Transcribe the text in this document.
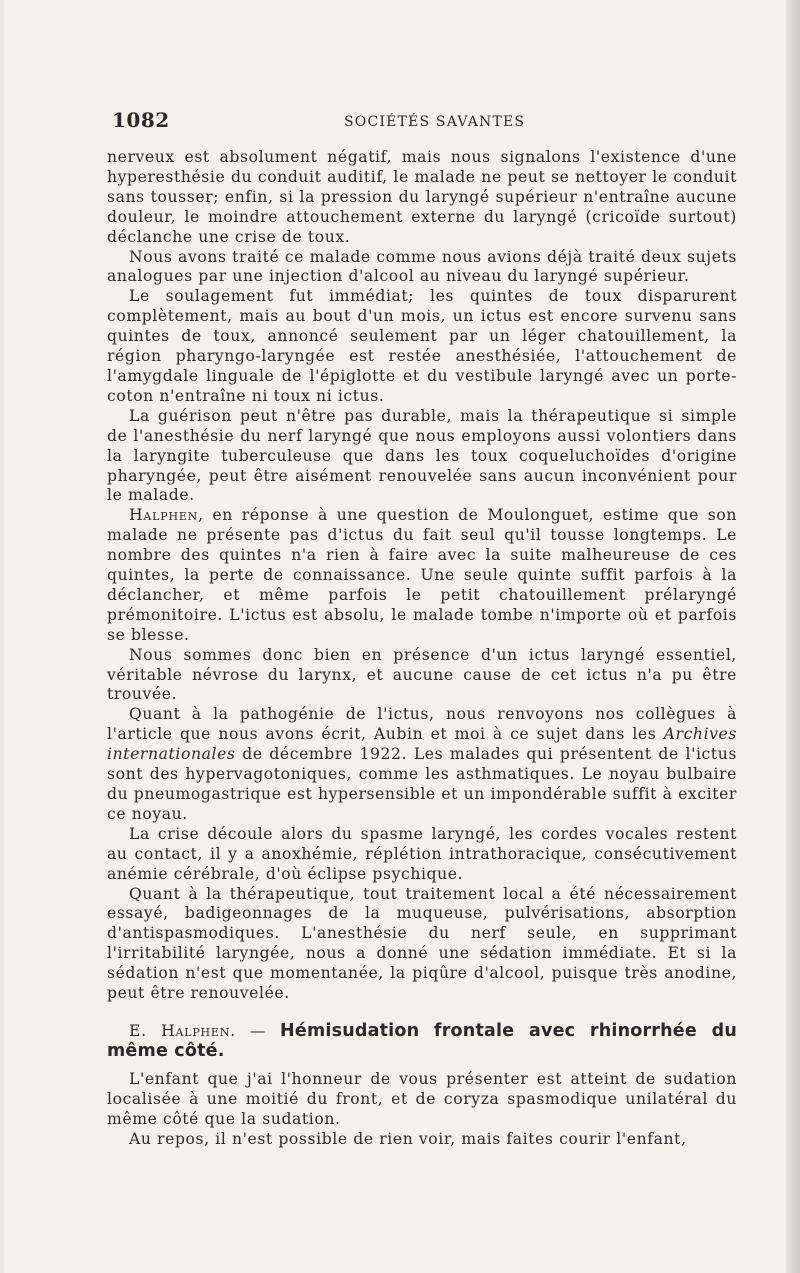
1082	SOCIÉTÉS SAVANTES

nerveux est absolument négatif, mais nous signalons l'existence d'une hyperesthésie du conduit auditif, le malade ne peut se nettoyer le conduit sans tousser; enfin, si la pression du laryngé supérieur n'entraîne aucune douleur, le moindre attouchement externe du laryngé (cricoïde surtout) déclanche une crise de toux.

Nous avons traité ce malade comme nous avions déjà traité deux sujets analogues par une injection d'alcool au niveau du laryngé supérieur.

Le soulagement fut immédiat; les quintes de toux disparurent complètement, mais au bout d'un mois, un ictus est encore survenu sans quintes de toux, annoncé seulement par un léger chatouillement, la région pharyngo-laryngée est restée anesthésiée, l'attouchement de l'amygdale linguale de l'épiglotte et du vestibule laryngé avec un porte-coton n'entraîne ni toux ni ictus.

La guérison peut n'être pas durable, mais la thérapeutique si simple de l'anesthésie du nerf laryngé que nous employons aussi volontiers dans la laryngite tuberculeuse que dans les toux coqueluchoïdes d'origine pharyngée, peut être aisément renouvelée sans aucun inconvénient pour le malade.

Halphen, en réponse à une question de Moulonguet, estime que son malade ne présente pas d'ictus du fait seul qu'il tousse longtemps. Le nombre des quintes n'a rien à faire avec la suite malheureuse de ces quintes, la perte de connaissance. Une seule quinte suffit parfois à la déclancher, et même parfois le petit chatouillement prélaryngé prémonitoire. L'ictus est absolu, le malade tombe n'importe où et parfois se blesse.

Nous sommes donc bien en présence d'un ictus laryngé essentiel, véritable névrose du larynx, et aucune cause de cet ictus n'a pu être trouvée.

Quant à la pathogénie de l'ictus, nous renvoyons nos collègues à l'article que nous avons écrit, Aubin et moi à ce sujet dans les Archives internationales de décembre 1922. Les malades qui présentent de l'ictus sont des hypervagotoniques, comme les asthmatiques. Le noyau bulbaire du pneumogastrique est hypersensible et un impondérable suffit à exciter ce noyau.

La crise découle alors du spasme laryngé, les cordes vocales restent au contact, il y a anoxhémie, réplétion intrathoracique, consécutivement anémie cérébrale, d'où éclipse psychique.

Quant à la thérapeutique, tout traitement local a été nécessairement essayé, badigeonnages de la muqueuse, pulvérisations, absorption d'antispasmodiques. L'anesthésie du nerf seule, en supprimant l'irritabilité laryngée, nous a donné une sédation immédiate. Et si la sédation n'est que momentanée, la piqûre d'alcool, puisque très anodine, peut être renouvelée.

E. Halphen. — Hémisudation frontale avec rhinorrhée du même côté.

L'enfant que j'ai l'honneur de vous présenter est atteint de sudation localisée à une moitié du front, et de coryza spasmodique unilatéral du même côté que la sudation.

Au repos, il n'est possible de rien voir, mais faites courir l'enfant,
